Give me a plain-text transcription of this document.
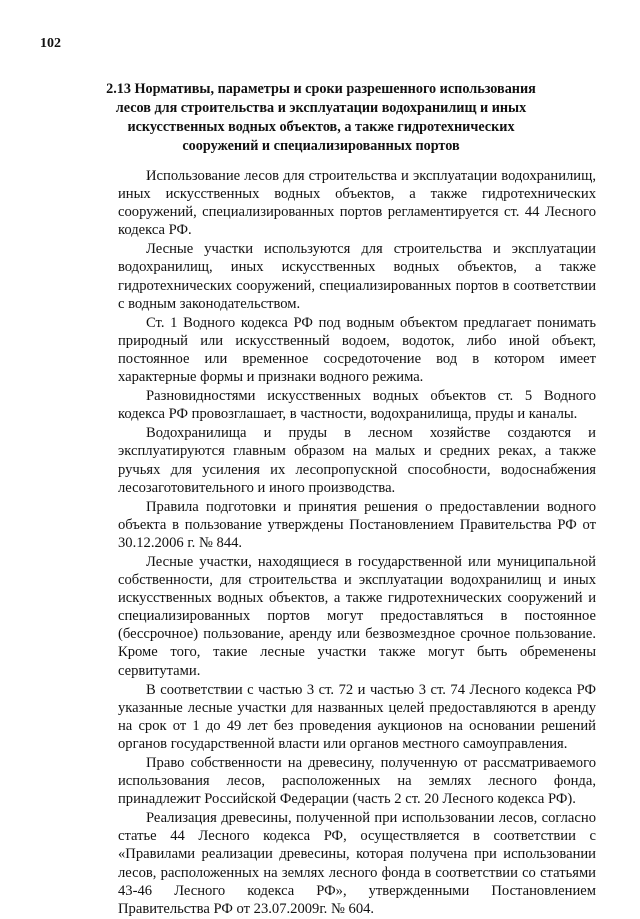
102
2.13 Нормативы, параметры и сроки разрешенного использования лесов для строительства и эксплуатации водохранилищ и иных искусственных водных объектов, а также гидротехнических сооружений и специализированных портов

Использование лесов для строительства и эксплуатации водохранилищ, иных искусственных водных объектов, а также гидротехнических сооружений, специализированных портов регламентируется ст. 44 Лесного кодекса РФ.

Лесные участки используются для строительства и эксплуатации водохранилищ, иных искусственных водных объектов, а также гидротехнических сооружений, специализированных портов в соответствии с водным законодательством.

Ст. 1 Водного кодекса РФ под водным объектом предлагает понимать природный или искусственный водоем, водоток, либо иной объект, постоянное или временное сосредоточение вод в котором имеет характерные формы и признаки водного режима.

Разновидностями искусственных водных объектов ст. 5 Водного кодекса РФ провозглашает, в частности, водохранилища, пруды и каналы.

Водохранилища и пруды в лесном хозяйстве создаются и эксплуатируются главным образом на малых и средних реках, а также ручьях для усиления их лесопропускной способности, водоснабжения лесозаготовительного и иного производства.

Правила подготовки и принятия решения о предоставлении водного объекта в пользование утверждены Постановлением Правительства РФ от 30.12.2006 г. № 844.

Лесные участки, находящиеся в государственной или муниципальной собственности, для строительства и эксплуатации водохранилищ и иных искусственных водных объектов, а также гидротехнических сооружений и специализированных портов могут предоставляться в постоянное (бессрочное) пользование, аренду или безвозмездное срочное пользование. Кроме того, такие лесные участки также могут быть обременены сервитутами.

В соответствии с частью 3 ст. 72 и частью 3 ст. 74 Лесного кодекса РФ указанные лесные участки для названных целей предоставляются в аренду на срок от 1 до 49 лет без проведения аукционов на основании решений органов государственной власти или органов местного самоуправления.

Право собственности на древесину, полученную от рассматриваемого использования лесов, расположенных на землях лесного фонда, принадлежит Российской Федерации (часть 2 ст. 20 Лесного кодекса РФ).

Реализация древесины, полученной при использовании лесов, согласно статье 44 Лесного кодекса РФ, осуществляется в соответствии с «Правилами реализации древесины, которая получена при использовании лесов, расположенных на землях лесного фонда в соответствии со статьями 43-46 Лесного кодекса РФ», утвержденными Постановлением Правительства РФ от 23.07.2009г. № 604.
